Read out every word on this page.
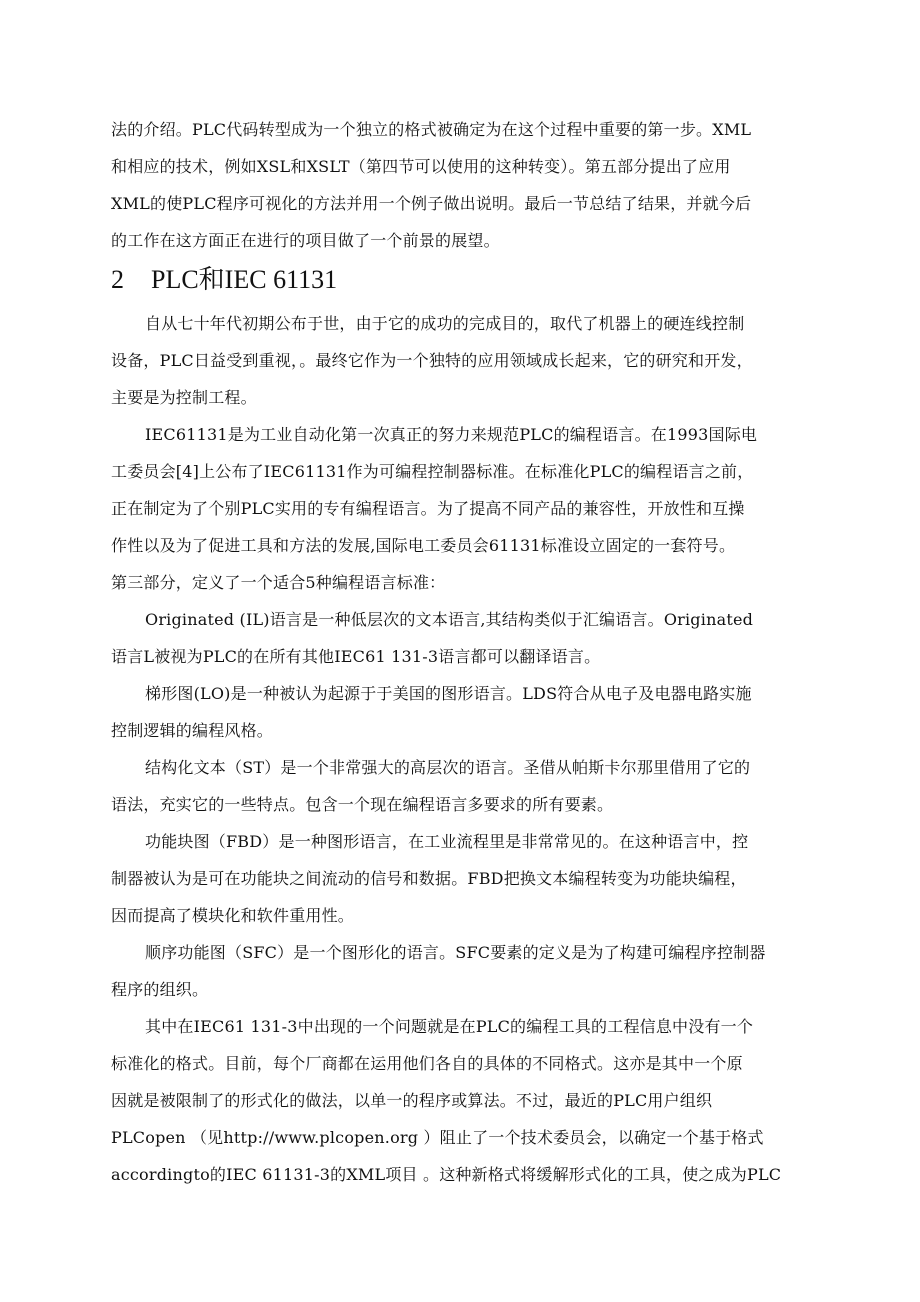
法的介绍。PLC代码转型成为一个独立的格式被确定为在这个过程中重要的第一步。XML
和相应的技术，例如XSL和XSLT（第四节可以使用的这种转变）。第五部分提出了应用
XML的使PLC程序可视化的方法并用一个例子做出说明。最后一节总结了结果，并就今后
的工作在这方面正在进行的项目做了一个前景的展望。
2 PLC和IEC 61131
自从七十年代初期公布于世，由于它的成功的完成目的，取代了机器上的硬连线控制
设备，PLC日益受到重视，。最终它作为一个独特的应用领域成长起来，它的研究和开发，
主要是为控制工程。
IEC61131是为工业自动化第一次真正的努力来规范PLC的编程语言。在1993国际电
工委员会[4]上公布了IEC61131作为可编程控制器标准。在标准化PLC的编程语言之前，
正在制定为了个别PLC实用的专有编程语言。为了提高不同产品的兼容性，开放性和互操
作性以及为了促进工具和方法的发展,国际电工委员会61131标准设立固定的一套符号。
第三部分，定义了一个适合5种编程语言标准：
Originated (IL)语言是一种低层次的文本语言,其结构类似于汇编语言。Originated
语言L被视为PLC的在所有其他IEC61 131-3语言都可以翻译语言。
梯形图(LO)是一种被认为起源于于美国的图形语言。LDS符合从电子及电器电路实施
控制逻辑的编程风格。
结构化文本（ST）是一个非常强大的高层次的语言。圣借从帕斯卡尔那里借用了它的
语法，充实它的一些特点。包含一个现在编程语言多要求的所有要素。
功能块图（FBD）是一种图形语言，在工业流程里是非常常见的。在这种语言中，控
制器被认为是可在功能块之间流动的信号和数据。FBD把换文本编程转变为功能块编程，
因而提高了模块化和软件重用性。
顺序功能图（SFC）是一个图形化的语言。SFC要素的定义是为了构建可编程序控制器
程序的组织。
其中在IEC61 131-3中出现的一个问题就是在PLC的编程工具的工程信息中没有一个
标准化的格式。目前，每个厂商都在运用他们各自的具体的不同格式。这亦是其中一个原
因就是被限制了的形式化的做法，以单一的程序或算法。不过，最近的PLC用户组织
PLCopen （见http://www.plcopen.org ）阻止了一个技术委员会，以确定一个基于格式
accordingto的IEC 61131-3的XML项目 。这种新格式将缓解形式化的工具，使之成为PLC
